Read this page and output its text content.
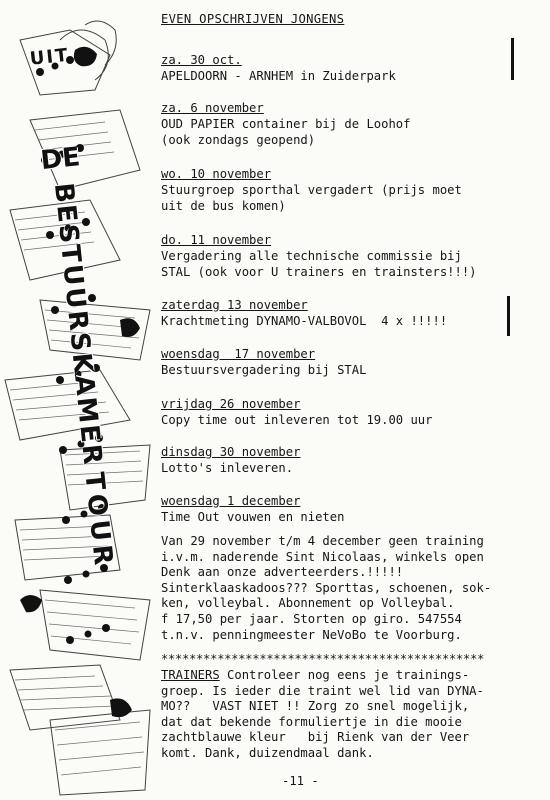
UIT
DE
BESTUURSKAMER
TOUR
EVEN OPSCHRIJVEN JONGENS
za. 30 oct.
APELDOORN - ARNHEM in Zuiderpark
za. 6 november
OUD PAPIER container bij de Loohof
(ook zondags geopend)
wo. 10 november
Stuurgroep sporthal vergadert (prijs moet
uit de bus komen)
do. 11 november
Vergadering alle technische commissie bij
STAL (ook voor U trainers en trainsters!!!)
zaterdag 13 november
Krachtmeting DYNAMO-VALBOVOL  4 x !!!!!
woensdag  17 november
Bestuursvergadering bij STAL
vrijdag 26 november
Copy time out inleveren tot 19.00 uur
dinsdag 30 november
Lotto's inleveren.
woensdag 1 december
Time Out vouwen en nieten
Van 29 november t/m 4 december geen training
i.v.m. naderende Sint Nicolaas, winkels open
Denk aan onze adverteerders.!!!!!
Sinterklaaskadoos??? Sporttas, schoenen, sok-
ken, volleybal. Abonnement op Volleybal.
f 17,50 per jaar. Storten op giro. 547554
t.n.v. penningmeester NeVoBo te Voorburg.
**********************************************
TRAINERS Controleer nog eens je trainings-
groep. Is ieder die traint wel lid van DYNA-
MO??   VAST NIET !! Zorg zo snel mogelijk,
dat dat bekende formuliertje in die mooie
zachtblauwe kleur   bij Rienk van der Veer
komt. Dank, duizendmaal dank.
-11 -
